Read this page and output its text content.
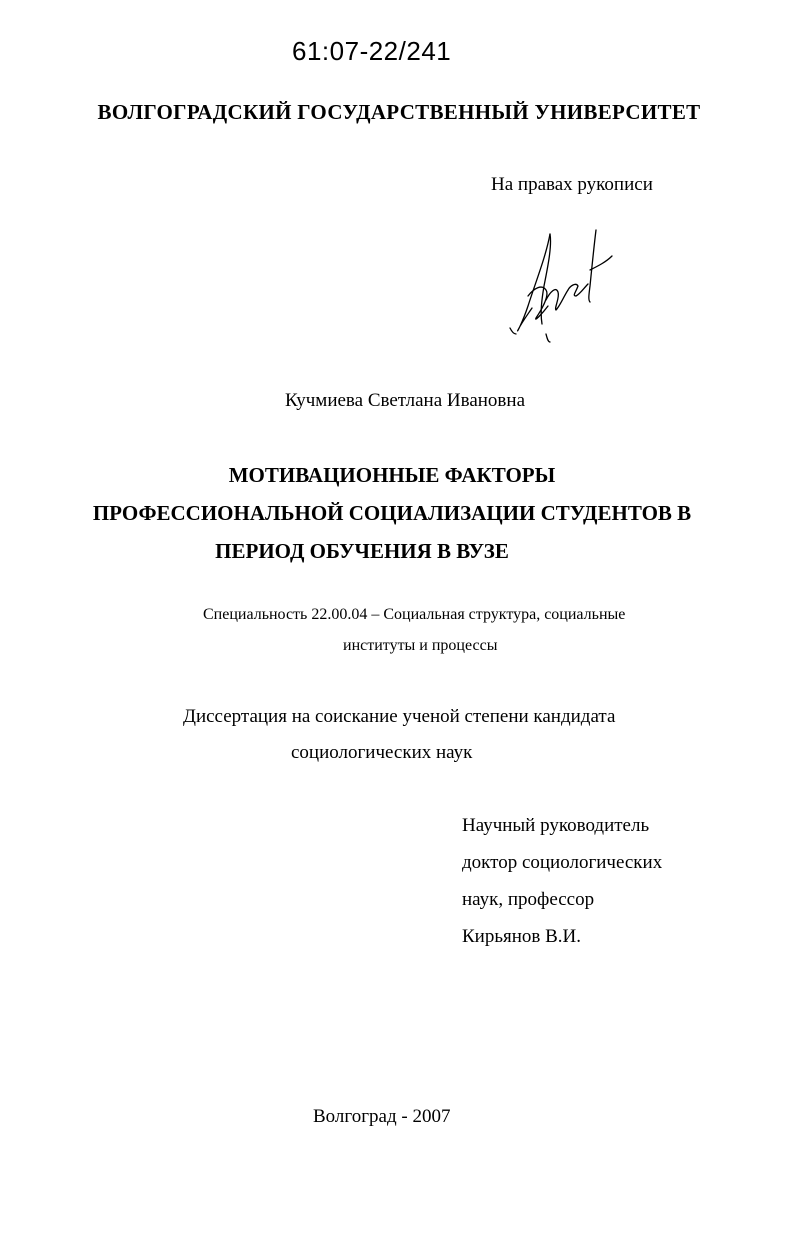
61:07-22/241
ВОЛГОГРАДСКИЙ ГОСУДАРСТВЕННЫЙ УНИВЕРСИТЕТ
На правах рукописи
Кучмиева Светлана Ивановна
МОТИВАЦИОННЫЕ ФАКТОРЫ
ПРОФЕССИОНАЛЬНОЙ СОЦИАЛИЗАЦИИ СТУДЕНТОВ В
ПЕРИОД ОБУЧЕНИЯ В ВУЗЕ
Специальность 22.00.04 – Социальная структура, социальные
институты и процессы
Диссертация на соискание ученой степени кандидата
социологических наук
Научный руководитель
доктор социологических
наук, профессор
Кирьянов В.И.
Волгоград - 2007
